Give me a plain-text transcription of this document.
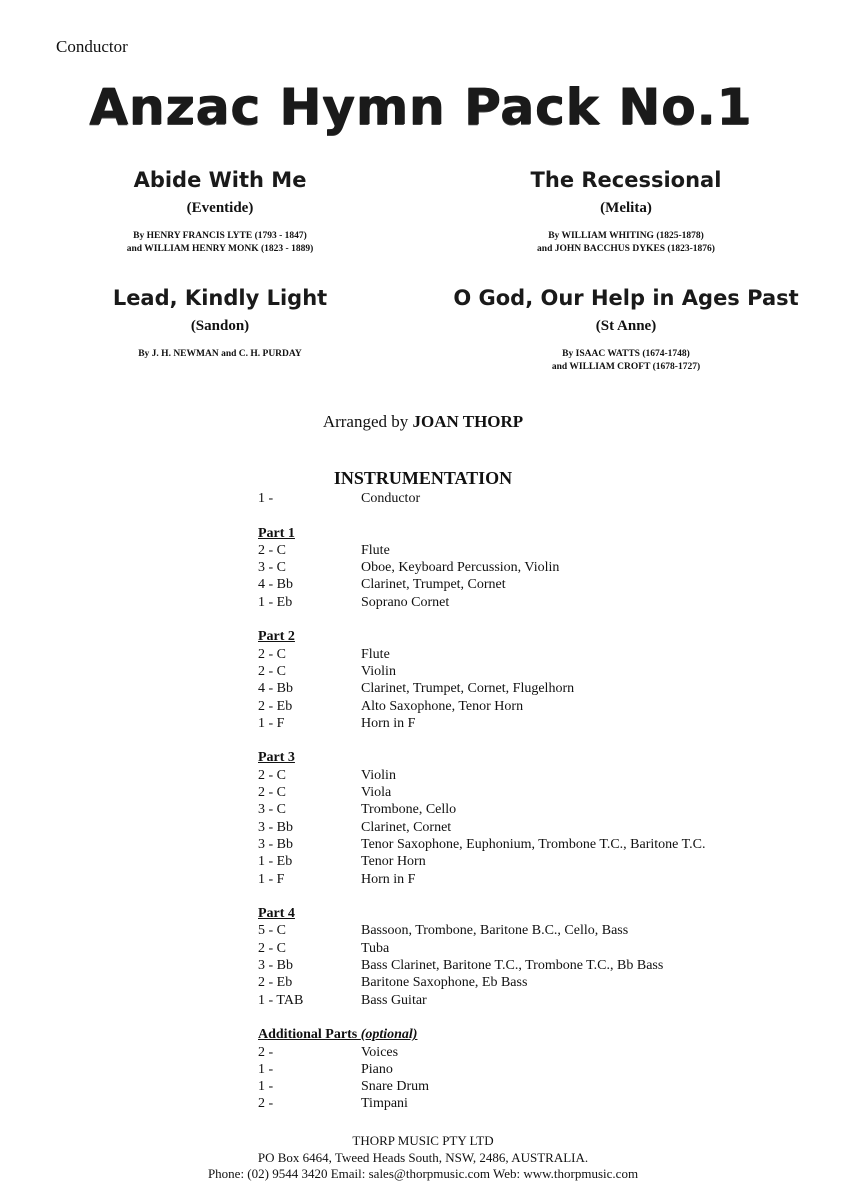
Conductor
Anzac Hymn Pack No.1
Abide With Me
(Eventide)
By HENRY FRANCIS LYTE (1793 - 1847)
and WILLIAM HENRY MONK (1823 - 1889)
The Recessional
(Melita)
By WILLIAM WHITING (1825-1878)
and JOHN BACCHUS DYKES (1823-1876)
Lead, Kindly Light
(Sandon)
By J. H. NEWMAN and C. H. PURDAY
O God, Our Help in Ages Past
(St Anne)
By ISAAC WATTS (1674-1748)
and WILLIAM CROFT (1678-1727)
Arranged by JOAN THORP
INSTRUMENTATION
1 -	Conductor
Part 1
2 - C	Flute
3 - C	Oboe, Keyboard Percussion, Violin
4 - Bb	Clarinet, Trumpet, Cornet
1 - Eb	Soprano Cornet
Part 2
2 - C	Flute
2 - C	Violin
4 - Bb	Clarinet, Trumpet, Cornet, Flugelhorn
2 - Eb	Alto Saxophone, Tenor Horn
1 - F	Horn in F
Part 3
2 - C	Violin
2 - C	Viola
3 - C	Trombone, Cello
3 - Bb	Clarinet, Cornet
3 - Bb	Tenor Saxophone, Euphonium, Trombone T.C., Baritone T.C.
1 - Eb	Tenor Horn
1 - F	Horn in F
Part 4
5 - C	Bassoon, Trombone, Baritone B.C., Cello, Bass
2 - C	Tuba
3 - Bb	Bass Clarinet, Baritone T.C., Trombone T.C., Bb Bass
2 - Eb	Baritone Saxophone, Eb Bass
1 - TAB	Bass Guitar
Additional Parts (optional)
2 -	Voices
1 -	Piano
1 -	Snare Drum
2 -	Timpani
THORP MUSIC PTY LTD
PO Box 6464, Tweed Heads South, NSW, 2486, AUSTRALIA.
Phone: (02) 9544 3420 Email: sales@thorpmusic.com Web: www.thorpmusic.com
